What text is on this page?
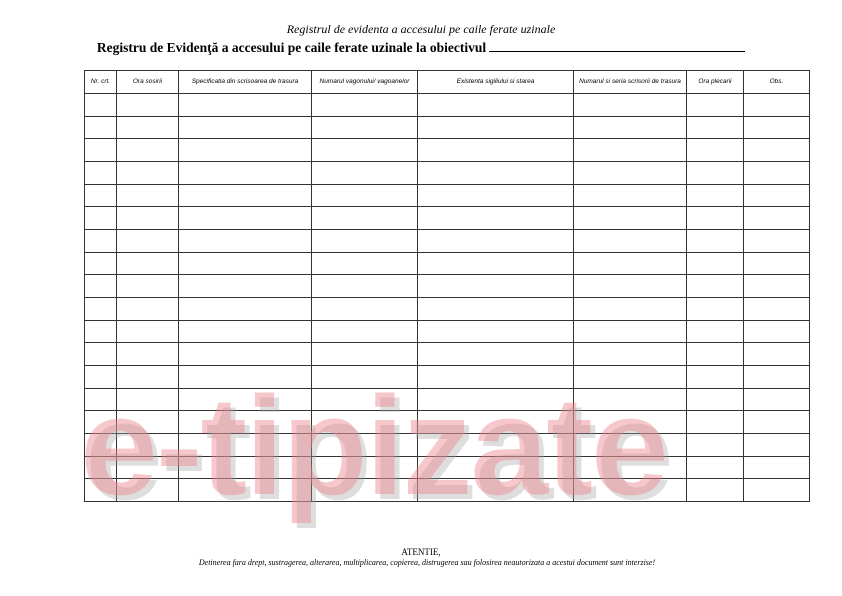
Registrul de evidenta a accesului pe caile ferate uzinale
Registru de Evidenţă a accesului pe caile ferate uzinale la obiectivul
Nr. crt.	Ora sosirii	Specificatia din scrisoarea de trasura	Numarul vagonului/ vagoanelor	Existenta sigiliului si starea	Numarul si seria scrisorii de trasura	Ora plecarii	Obs.

e-tipizate
ATENTIE,
Detinerea fara drept, sustragerea, alterarea, multiplicarea, copierea, distrugerea sau folosirea neautorizata a acestui document sunt interzise!
